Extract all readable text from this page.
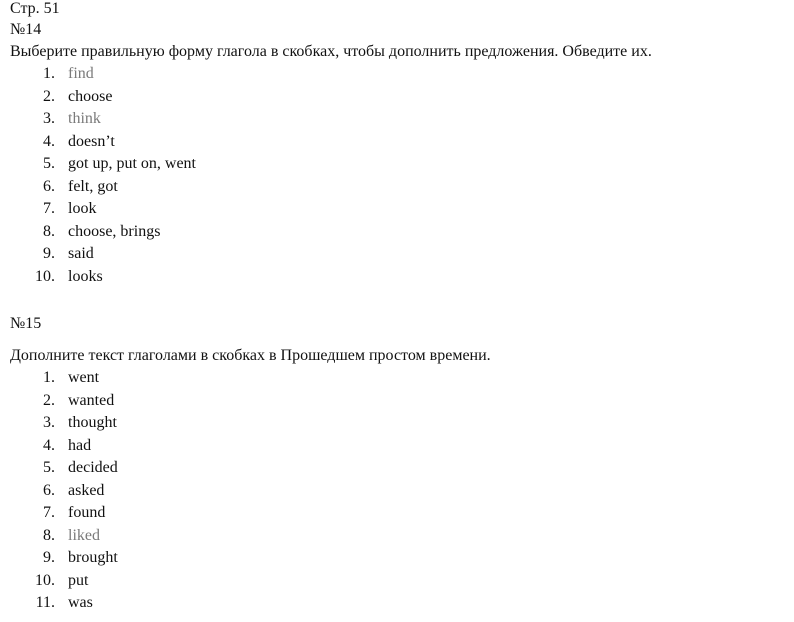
Стр. 51
№14
Выберите правильную форму глагола в скобках, чтобы дополнить предложения. Обведите их.
1. find
2. choose
3. think
4. doesn’t
5. got up, put on, went
6. felt, got
7. look
8. choose, brings
9. said
10. looks
№15
Дополните текст глаголами в скобках в Прошедшем простом времени.
1. went
2. wanted
3. thought
4. had
5. decided
6. asked
7. found
8. liked
9. brought
10. put
11. was
